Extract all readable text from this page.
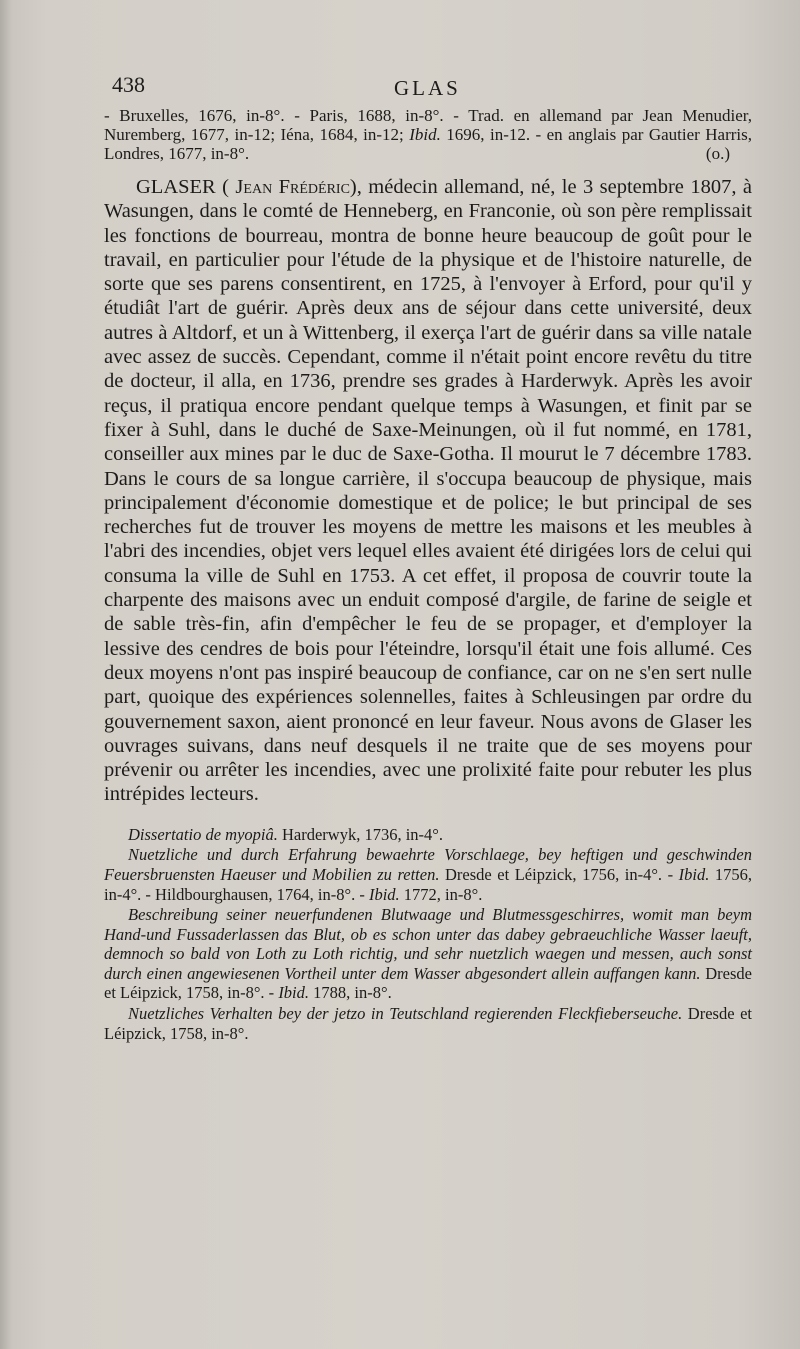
438	GLAS

- Bruxelles, 1676, in-8°. - Paris, 1688, in-8°. - Trad. en allemand par Jean Menudier, Nuremberg, 1677, in-12; Iéna, 1684, in-12; Ibid. 1696, in-12. - en anglais par Gautier Harris, Londres, 1677, in-8°.	(o.)

GLASER ( Jean Frédéric), médecin allemand, né, le 3 septembre 1807, à Wasungen, dans le comté de Henneberg, en Franconie, où son père remplissait les fonctions de bourreau, montra de bonne heure beaucoup de goût pour le travail, en particulier pour l'étude de la physique et de l'histoire naturelle, de sorte que ses parens consentirent, en 1725, à l'envoyer à Erford, pour qu'il y étudiât l'art de guérir. Après deux ans de séjour dans cette université, deux autres à Altdorf, et un à Wittenberg, il exerça l'art de guérir dans sa ville natale avec assez de succès. Cependant, comme il n'était point encore revêtu du titre de docteur, il alla, en 1736, prendre ses grades à Harderwyk. Après les avoir reçus, il pratiqua encore pendant quelque temps à Wasungen, et finit par se fixer à Suhl, dans le duché de Saxe-Meinungen, où il fut nommé, en 1781, conseiller aux mines par le duc de Saxe-Gotha. Il mourut le 7 décembre 1783. Dans le cours de sa longue carrière, il s'occupa beaucoup de physique, mais principalement d'économie domestique et de police; le but principal de ses recherches fut de trouver les moyens de mettre les maisons et les meubles à l'abri des incendies, objet vers lequel elles avaient été dirigées lors de celui qui consuma la ville de Suhl en 1753. A cet effet, il proposa de couvrir toute la charpente des maisons avec un enduit composé d'argile, de farine de seigle et de sable très-fin, afin d'empêcher le feu de se propager, et d'employer la lessive des cendres de bois pour l'éteindre, lorsqu'il était une fois allumé. Ces deux moyens n'ont pas inspiré beaucoup de confiance, car on ne s'en sert nulle part, quoique des expériences solennelles, faites à Schleusingen par ordre du gouvernement saxon, aient prononcé en leur faveur. Nous avons de Glaser les ouvrages suivans, dans neuf desquels il ne traite que de ses moyens pour prévenir ou arrêter les incendies, avec une prolixité faite pour rebuter les plus intrépides lecteurs.

Dissertatio de myopiâ. Harderwyk, 1736, in-4°.

Nuetzliche und durch Erfahrung bewaehrte Vorschlaege, bey heftigen und geschwinden Feuersbruensten Haeuser und Mobilien zu retten. Dresde et Léipzick, 1756, in-4°. - Ibid. 1756, in-4°. - Hildbourghausen, 1764, in-8°. - Ibid. 1772, in-8°.

Beschreibung seiner neuerfundenen Blutwaage und Blutmessgeschirres, womit man beym Hand-und Fussaderlassen das Blut, ob es schon unter das dabey gebraeuchliche Wasser laeuft, demnoch so bald von Loth zu Loth richtig, und sehr nuetzlich waegen und messen, auch sonst durch einen angewiesenen Vortheil unter dem Wasser abgesondert allein auffangen kann. Dresde et Léipzick, 1758, in-8°. - Ibid. 1788, in-8°.

Nuetzliches Verhalten bey der jetzo in Teutschland regierenden Fleckfieberseuche. Dresde et Léipzick, 1758, in-8°.
